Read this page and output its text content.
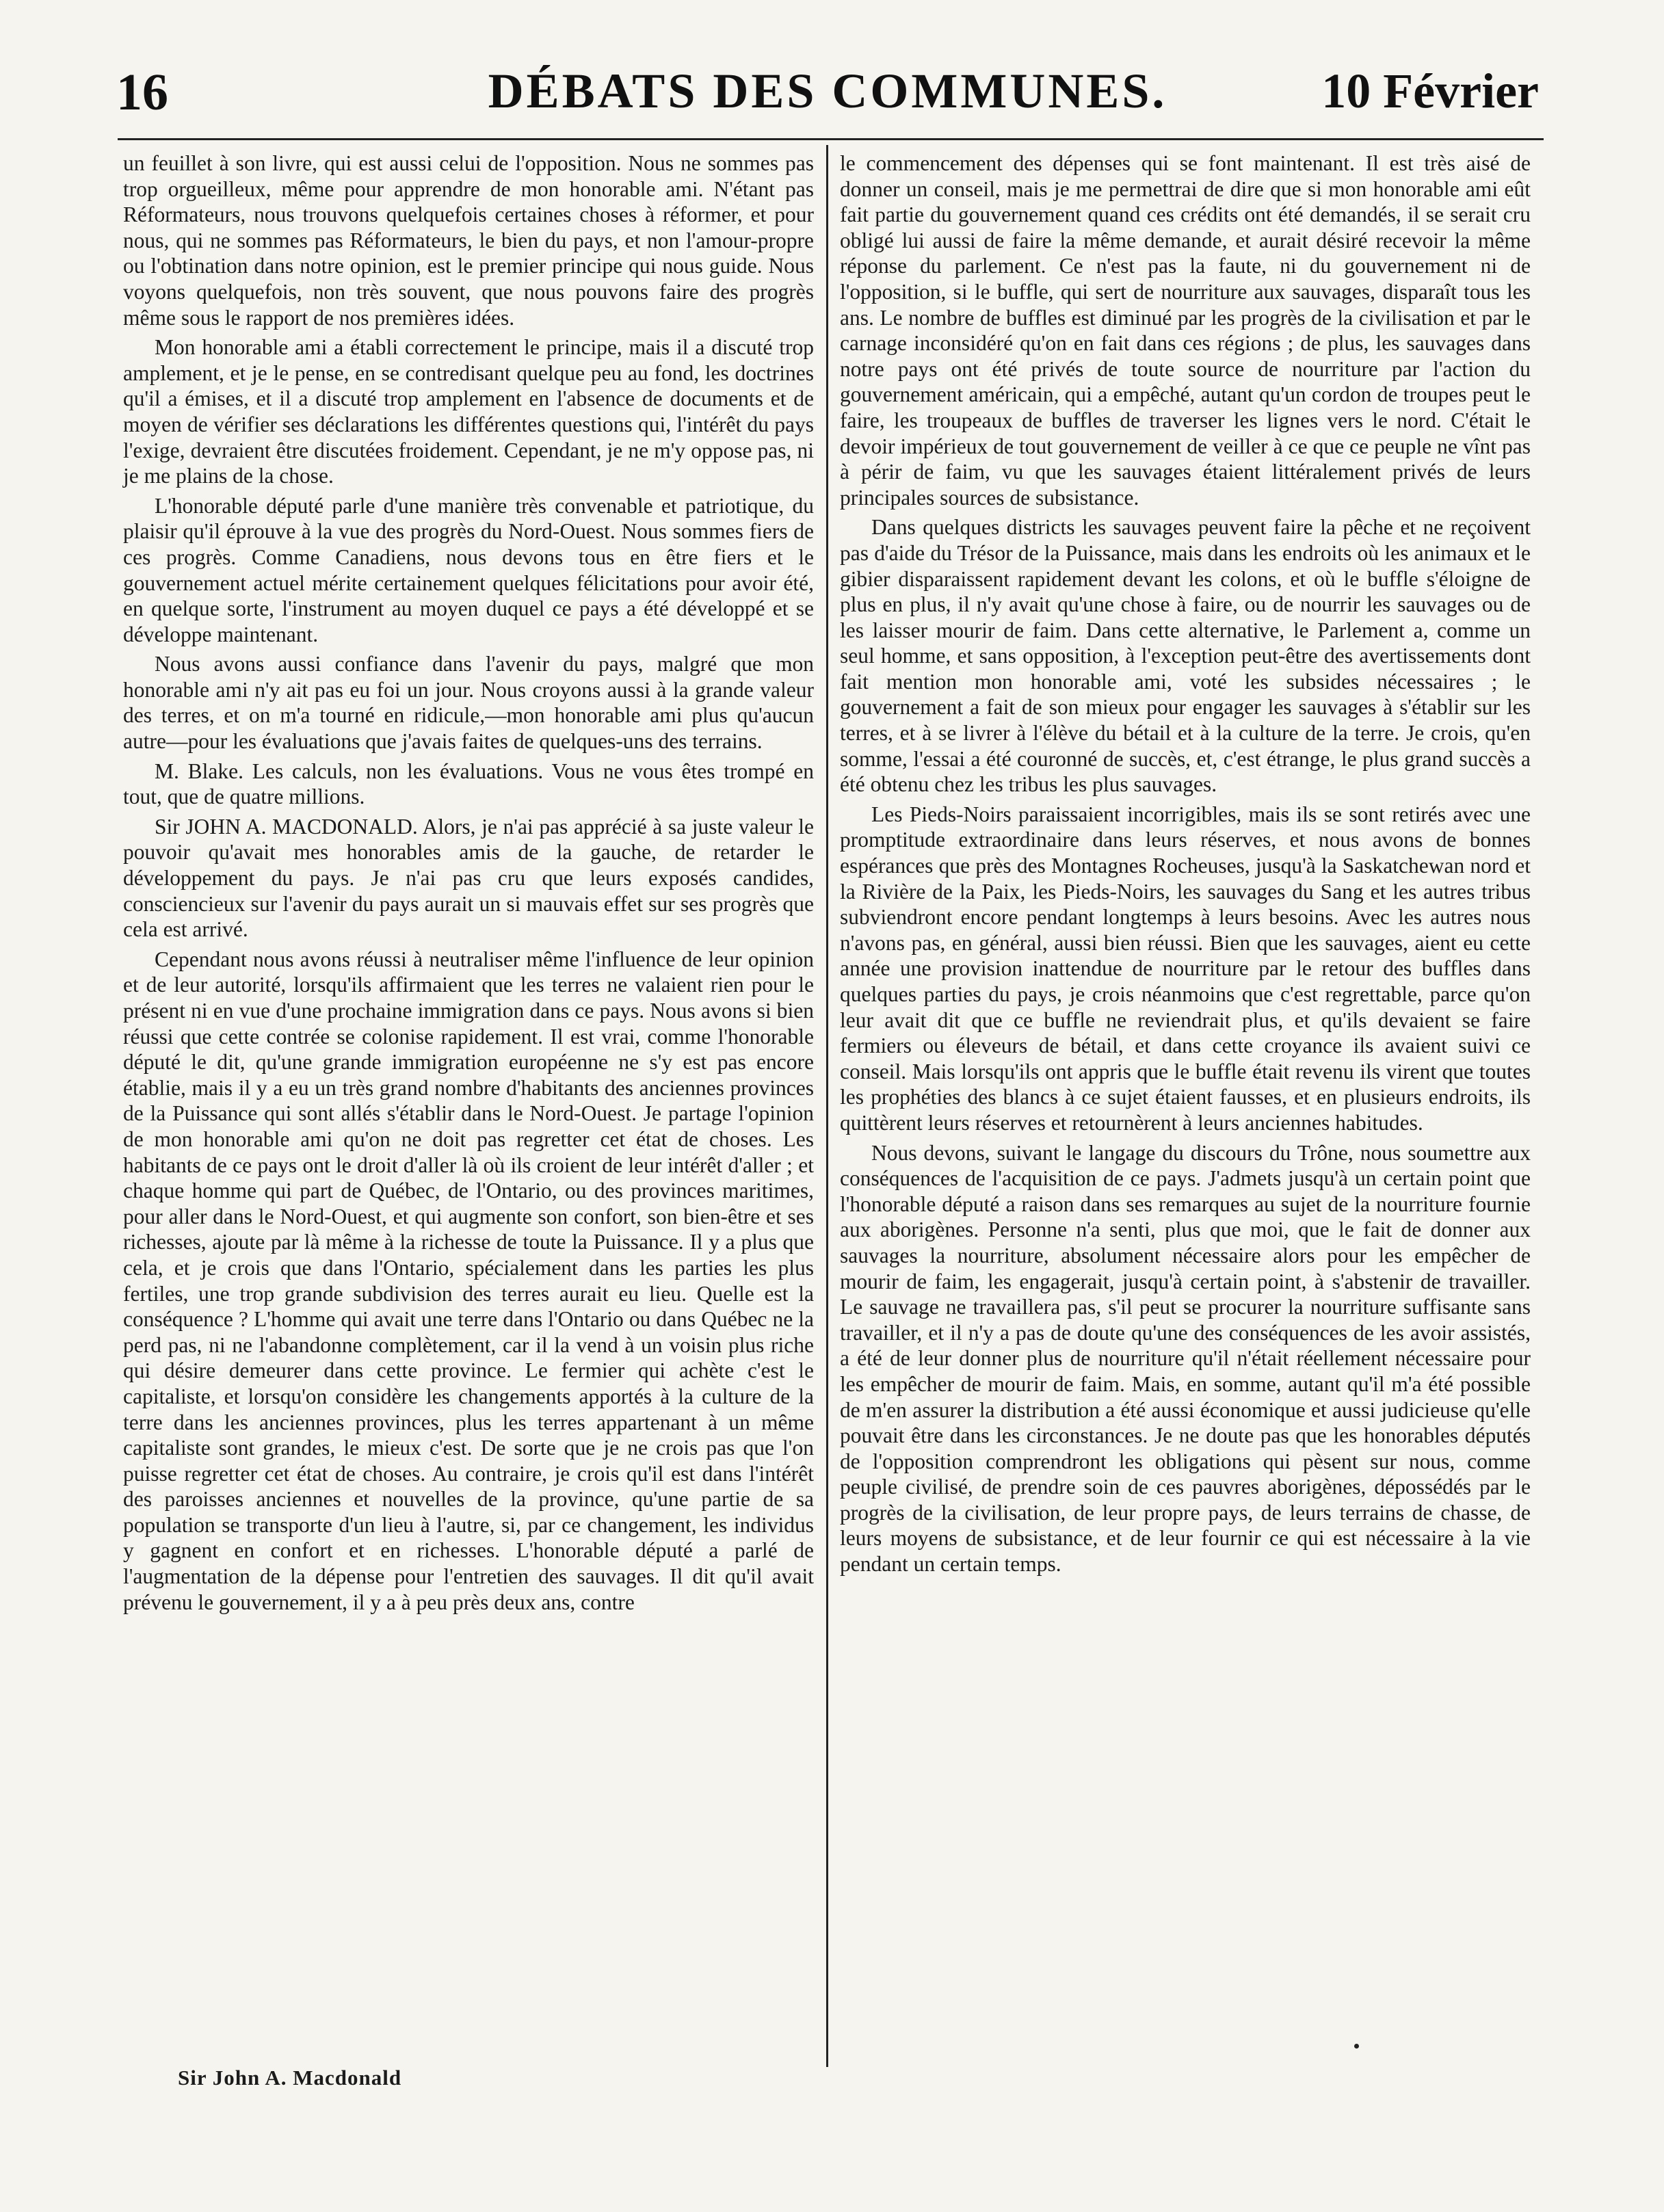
DÉBATS DES COMMUNES.
16	10 Février

un feuillet à son livre, qui est aussi celui de l'opposition. Nous ne sommes pas trop orgueilleux, même pour apprendre de mon honorable ami. N'étant pas Réformateurs, nous trouvons quelquefois certaines choses à réformer, et pour nous, qui ne sommes pas Réformateurs, le bien du pays, et non l'amour-propre ou l'obtination dans notre opinion, est le premier principe qui nous guide. Nous voyons quelquefois, non très souvent, que nous pouvons faire des progrès même sous le rapport de nos premières idées.

Mon honorable ami a établi correctement le principe, mais il a discuté trop amplement, et je le pense, en se contredisant quelque peu au fond, les doctrines qu'il a émises, et il a discuté trop amplement en l'absence de documents et de moyen de vérifier ses déclarations les différentes questions qui, l'intérêt du pays l'exige, devraient être discutées froidement. Cependant, je ne m'y oppose pas, ni je me plains de la chose.

L'honorable député parle d'une manière très convenable et patriotique, du plaisir qu'il éprouve à la vue des progrès du Nord-Ouest. Nous sommes fiers de ces progrès. Comme Canadiens, nous devons tous en être fiers et le gouvernement actuel mérite certainement quelques félicitations pour avoir été, en quelque sorte, l'instrument au moyen duquel ce pays a été développé et se développe maintenant.

Nous avons aussi confiance dans l'avenir du pays, malgré que mon honorable ami n'y ait pas eu foi un jour. Nous croyons aussi à la grande valeur des terres, et on m'a tourné en ridicule,—mon honorable ami plus qu'aucun autre—pour les évaluations que j'avais faites de quelques-uns des terrains.

M. Blake. Les calculs, non les évaluations. Vous ne vous êtes trompé en tout, que de quatre millions.

Sir JOHN A. MACDONALD. Alors, je n'ai pas apprécié à sa juste valeur le pouvoir qu'avait mes honorables amis de la gauche, de retarder le développement du pays. Je n'ai pas cru que leurs exposés candides, consciencieux sur l'avenir du pays aurait un si mauvais effet sur ses progrès que cela est arrivé.

Cependant nous avons réussi à neutraliser même l'influence de leur opinion et de leur autorité, lorsqu'ils affirmaient que les terres ne valaient rien pour le présent ni en vue d'une prochaine immigration dans ce pays. Nous avons si bien réussi que cette contrée se colonise rapidement. Il est vrai, comme l'honorable député le dit, qu'une grande immigration européenne ne s'y est pas encore établie, mais il y a eu un très grand nombre d'habitants des anciennes provinces de la Puissance qui sont allés s'établir dans le Nord-Ouest. Je partage l'opinion de mon honorable ami qu'on ne doit pas regretter cet état de choses. Les habitants de ce pays ont le droit d'aller là où ils croient de leur intérêt d'aller ; et chaque homme qui part de Québec, de l'Ontario, ou des provinces maritimes, pour aller dans le Nord-Ouest, et qui augmente son confort, son bien-être et ses richesses, ajoute par là même à la richesse de toute la Puissance. Il y a plus que cela, et je crois que dans l'Ontario, spécialement dans les parties les plus fertiles, une trop grande subdivision des terres aurait eu lieu. Quelle est la conséquence ? L'homme qui avait une terre dans l'Ontario ou dans Québec ne la perd pas, ni ne l'abandonne complètement, car il la vend à un voisin plus riche qui désire demeurer dans cette province. Le fermier qui achète c'est le capitaliste, et lorsqu'on considère les changements apportés à la culture de la terre dans les anciennes provinces, plus les terres appartenant à un même capitaliste sont grandes, le mieux c'est. De sorte que je ne crois pas que l'on puisse regretter cet état de choses. Au contraire, je crois qu'il est dans l'intérêt des paroisses anciennes et nouvelles de la province, qu'une partie de sa population se transporte d'un lieu à l'autre, si, par ce changement, les individus y gagnent en confort et en richesses. L'honorable député a parlé de l'augmentation de la dépense pour l'entretien des sauvages. Il dit qu'il avait prévenu le gouvernement, il y a à peu près deux ans, contre

le commencement des dépenses qui se font maintenant. Il est très aisé de donner un conseil, mais je me permettrai de dire que si mon honorable ami eût fait partie du gouvernement quand ces crédits ont été demandés, il se serait cru obligé lui aussi de faire la même demande, et aurait désiré recevoir la même réponse du parlement. Ce n'est pas la faute, ni du gouvernement ni de l'opposition, si le buffle, qui sert de nourriture aux sauvages, disparaît tous les ans. Le nombre de buffles est diminué par les progrès de la civilisation et par le carnage inconsidéré qu'on en fait dans ces régions ; de plus, les sauvages dans notre pays ont été privés de toute source de nourriture par l'action du gouvernement américain, qui a empêché, autant qu'un cordon de troupes peut le faire, les troupeaux de buffles de traverser les lignes vers le nord. C'était le devoir impérieux de tout gouvernement de veiller à ce que ce peuple ne vînt pas à périr de faim, vu que les sauvages étaient littéralement privés de leurs principales sources de subsistance.

Dans quelques districts les sauvages peuvent faire la pêche et ne reçoivent pas d'aide du Trésor de la Puissance, mais dans les endroits où les animaux et le gibier disparaissent rapidement devant les colons, et où le buffle s'éloigne de plus en plus, il n'y avait qu'une chose à faire, ou de nourrir les sauvages ou de les laisser mourir de faim. Dans cette alternative, le Parlement a, comme un seul homme, et sans opposition, à l'exception peut-être des avertissements dont fait mention mon honorable ami, voté les subsides nécessaires ; le gouvernement a fait de son mieux pour engager les sauvages à s'établir sur les terres, et à se livrer à l'élève du bétail et à la culture de la terre. Je crois, qu'en somme, l'essai a été couronné de succès, et, c'est étrange, le plus grand succès a été obtenu chez les tribus les plus sauvages.

Les Pieds-Noirs paraissaient incorrigibles, mais ils se sont retirés avec une promptitude extraordinaire dans leurs réserves, et nous avons de bonnes espérances que près des Montagnes Rocheuses, jusqu'à la Saskatchewan nord et la Rivière de la Paix, les Pieds-Noirs, les sauvages du Sang et les autres tribus subviendront encore pendant longtemps à leurs besoins. Avec les autres nous n'avons pas, en général, aussi bien réussi. Bien que les sauvages, aient eu cette année une provision inattendue de nourriture par le retour des buffles dans quelques parties du pays, je crois néanmoins que c'est regrettable, parce qu'on leur avait dit que ce buffle ne reviendrait plus, et qu'ils devaient se faire fermiers ou éleveurs de bétail, et dans cette croyance ils avaient suivi ce conseil. Mais lorsqu'ils ont appris que le buffle était revenu ils virent que toutes les prophéties des blancs à ce sujet étaient fausses, et en plusieurs endroits, ils quittèrent leurs réserves et retournèrent à leurs anciennes habitudes.

Nous devons, suivant le langage du discours du Trône, nous soumettre aux conséquences de l'acquisition de ce pays. J'admets jusqu'à un certain point que l'honorable député a raison dans ses remarques au sujet de la nourriture fournie aux aborigènes. Personne n'a senti, plus que moi, que le fait de donner aux sauvages la nourriture, absolument nécessaire alors pour les empêcher de mourir de faim, les engagerait, jusqu'à certain point, à s'abstenir de travailler. Le sauvage ne travaillera pas, s'il peut se procurer la nourriture suffisante sans travailler, et il n'y a pas de doute qu'une des conséquences de les avoir assistés, a été de leur donner plus de nourriture qu'il n'était réellement nécessaire pour les empêcher de mourir de faim. Mais, en somme, autant qu'il m'a été possible de m'en assurer la distribution a été aussi économique et aussi judicieuse qu'elle pouvait être dans les circonstances. Je ne doute pas que les honorables députés de l'opposition comprendront les obligations qui pèsent sur nous, comme peuple civilisé, de prendre soin de ces pauvres aborigènes, dépossédés par le progrès de la civilisation, de leur propre pays, de leurs terrains de chasse, de leurs moyens de subsistance, et de leur fournir ce qui est nécessaire à la vie pendant un certain temps.

Sir John A. Macdonald
